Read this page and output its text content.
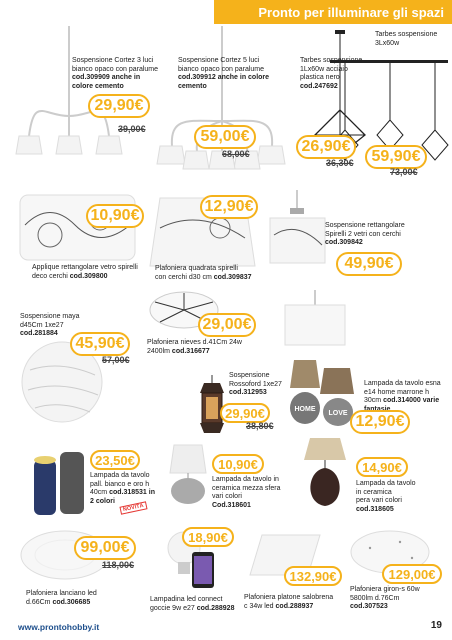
Pronto per illuminare gli spazi
HOME
LOVE
Sospensione Cortez 3 luci
bianco opaco con paralume
cod.309909 anche in colore cemento
29,90€
39,00€
Sospensione Cortez 5 luci
bianco opaco con paralume
cod.309912 anche in colore cemento
59,00€
68,00€
Tarbes sospensione
1Lx60w acciaio
plastica nero
cod.247692
26,90€
36,30€
Tarbes sospensione
3Lx60w
59,90€
73,00€
10,90€
Applique rettangolare vetro spirelli
deco cerchi cod.309800
12,90€
Plafoniera quadrata spirelli
con cerchi d30 cm cod.309837
Sospensione rettangolare
Spirelli 2 vetri con cerchi
cod.309842
49,90€
Sospensione maya
d45Cm 1xe27
cod.281884
45,90€
57,00€
29,00€
Plafoniera nieves d.41Cm 24w
2400lm cod.316677
Sospensione
Rossoford 1xe27
cod.312953
29,90€
38,80€
Lampada da tavolo esna
e14 home marrone h
30cm cod.314000 varie
12,90€
23,50€
Lampada da tavolo
pall. bianco e oro h
40cm cod.318531 in 2 colori
NOVITÀ
10,90€
Lampada da tavolo in
ceramica mezza sfera
vari colori
Cod.318601
14,90€
Lampada da tavolo
in ceramica
pera vari colori
cod.318605
99,00€
118,00€
Plafoniera lanciano led
d.66Cm cod.306685
18,90€
Lampadina led connect
goccie 9w e27 cod.288928
132,90€
Plafoniera platone salobrena
c 34w led cod.288937
129,00€
Plafoniera giron-s 60w
5800lm d.76Cm
cod.307523
www.prontohobby.it	19
